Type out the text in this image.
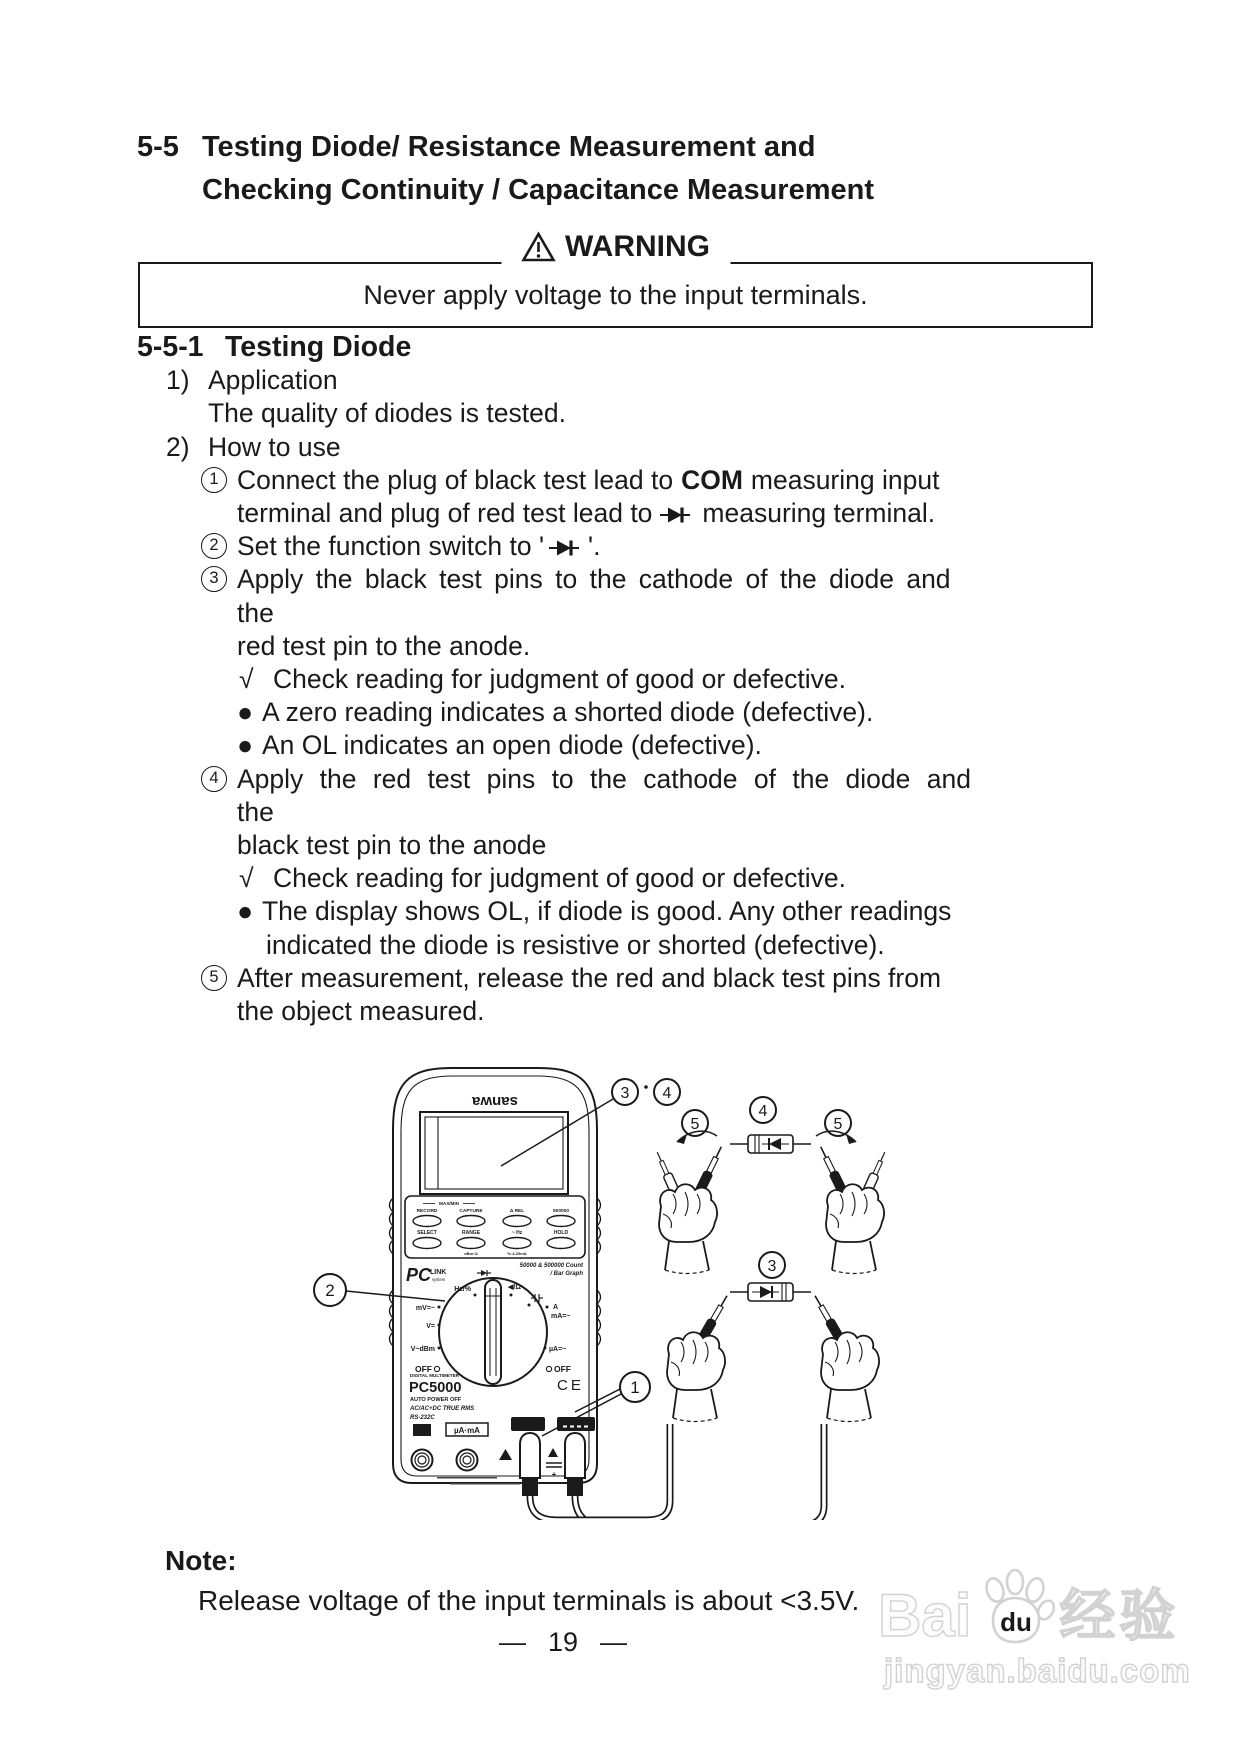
5-5 Testing Diode/ Resistance Measurement and
Checking Continuity / Capacitance Measurement
WARNING
Never apply voltage to the input terminals.
5-5-1 Testing Diode
1) Application
The quality of diodes is tested.
2) How to use
1 Connect the plug of black test lead to COM measuring input
terminal and plug of red test lead to measuring terminal.
2 Set the function switch to ' '.
3 Apply the black test pins to the cathode of the diode and the
red test pin to the anode.
√ Check reading for judgment of good or defective.
● A zero reading indicates a shorted diode (defective).
● An OL indicates an open diode (defective).
4 Apply the red test pins to the cathode of the diode and the
black test pin to the anode
√ Check reading for judgment of good or defective.
● The display shows OL, if diode is good. Any other readings
indicated the diode is resistive or shorted (defective).
5 After measurement, release the red and black test pins from
the object measured.
sanwa
MAX/MIN
RECORD	CAPTURE	Δ REL	500000
SELECT	RANGE	~ Hz	HOLD
dBm·Ω	%·4-20mA
PC
LINK
system
50000 & 500000 Count
/ Bar Graph
Hz/%	◀/Ω
mV=~
V=
V~dBm
OFF
A
mA=~
µA=~
OFF
2
DIGITAL MULTIMETER
PC5000
AUTO POWER OFF
AC/AC+DC TRUE RMS
RS-232C
CE
A	µA·mA
COM
+
V dBm mV Hz
1
3 4
5
4
5
3
Note:
Release voltage of the input terminals is about <3.5V.
— 19 —	Bai du 经验
jingyan.baidu.com
